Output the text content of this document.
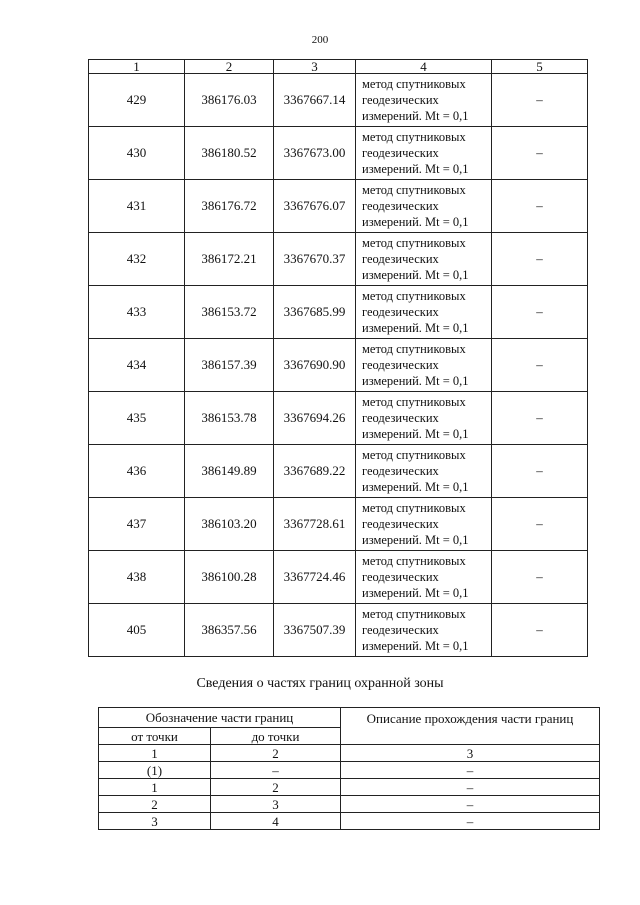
200
1	2	3	4	5
429	386176.03	3367667.14	метод спутниковых
геодезических
измерений. Mt = 0,1	–
430	386180.52	3367673.00	метод спутниковых
геодезических
измерений. Mt = 0,1	–
431	386176.72	3367676.07	метод спутниковых
геодезических
измерений. Mt = 0,1	–
432	386172.21	3367670.37	метод спутниковых
геодезических
измерений. Mt = 0,1	–
433	386153.72	3367685.99	метод спутниковых
геодезических
измерений. Mt = 0,1	–
434	386157.39	3367690.90	метод спутниковых
геодезических
измерений. Mt = 0,1	–
435	386153.78	3367694.26	метод спутниковых
геодезических
измерений. Mt = 0,1	–
436	386149.89	3367689.22	метод спутниковых
геодезических
измерений. Mt = 0,1	–
437	386103.20	3367728.61	метод спутниковых
геодезических
измерений. Mt = 0,1	–
438	386100.28	3367724.46	метод спутниковых
геодезических
измерений. Mt = 0,1	–
405	386357.56	3367507.39	метод спутниковых
геодезических
измерений. Mt = 0,1	–
Сведения о частях границ охранной зоны
Обозначение части границ		Описание прохождения части границ
от точки	до точки	
1	2	3
(1)	–	–
1	2	–
2	3	–
3	4	–
